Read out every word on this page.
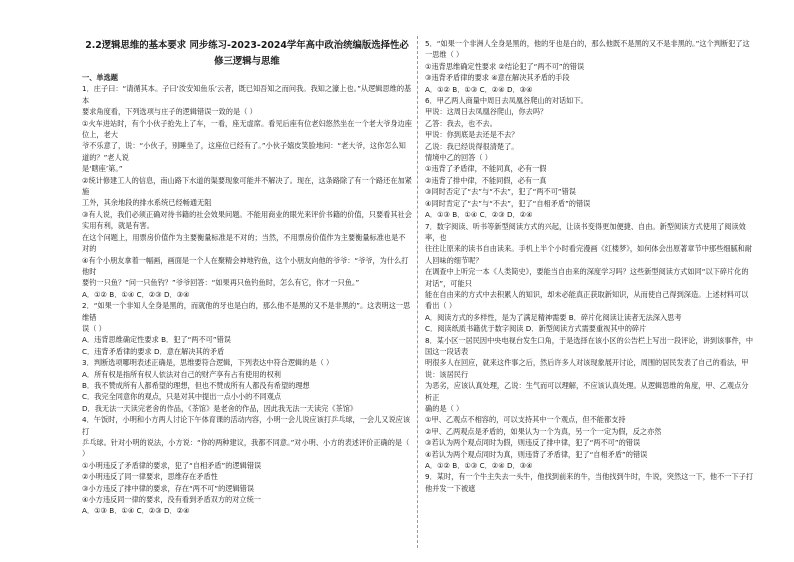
2.2逻辑思维的基本要求 同步练习-2023-2024学年高中政治统编版选择性必
修三逻辑与思维

一、单选题

1．庄子曰：“请循其本。子曰‘汝安知鱼乐’云者，既已知吾知之而问我。我知之濠上也。”从逻辑思维的基本

要求角度看，下列选项与庄子的逻辑错误一致的是（ ）

①火车进站时，有个小伙子抢先上了车，一看，座无虚席。看见后座有位老妇悠然坐在一个老大爷身边座位上，老大

爷不乐意了，说：“小伙子，别睡坐了，这座位已经有了。”小伙子嬉皮笑脸地问：“老大爷，这你怎么知道的？”老人说

是‘瞎座’第。”

②统计修建工人的信息，南山路下水道的渠要现象可能并不解决了。现在，这条路除了有一个路还在加紧施

工外，其余地段的排水系统已经畅通无阻

③有人说，我们必须正确对待书籍的社会效果问题。不能用商业的眼光来评价书籍的价值，只要看其社会实用有利，就是有害。

在这个问题上，用票房价值作为主要衡量标准是不对的；当然，不用票房价值作为主要衡量标准也是不对的

④有个小朋友拿着一幅画，画面是一个人在聚精会神地钓鱼，这个小朋友向他的爷爷：“爷爷，为什么打他时

要钓一只鱼？”问一只鱼钓？”爷爷回答：“如果再只鱼钓鱼时，怎么有它，你才一只鱼。”

A．①② B．①④ C．②③ D．③④

2．“如果一个非知人全身是黑的，而就他的牙也是白的，那么他不是黑的又不是非黑的”。这表明这一思维错

误（ ）

A．违背思维确定性要求 B．犯了“两不可”错误

C．违背矛盾律的要求 D．意在解决其的矛盾

3．判断选项哪明表述正确是，思维要符合逻辑，下列表达中符合逻辑的是（ ）

A．所有权是指所有权人依法对自己的财产享有占有使用的权利

B．我不赞成所有人都希望的理想，但也不赞成所有人都没有希望的理想

C．我完全同意你的观点，只是对其中提出一点小小的不同观点

D．我无法一天读完老舍的作品，《茶馆》是老舍的作品，因此我无法一天读完《茶馆》

4．午饭时，小明和小方两人讨论下午体育课的活动内容，小明一会儿说应该打乒乓球，一会儿又说应该打

乒乓球。针对小明的说法，小方说：“你的两种建议，我都不同意。”对小明、小方的表述评价正确的是（ ）

①小明违反了矛盾律的要求，犯了“自相矛盾”的逻辑错误

②小明违反了同一律要求，思维存在矛盾性

③小方违反了排中律的要求，存在“两不可”的逻辑错误

④小方违反同一律的要求，没有看到矛盾双方的对立统一

A．①③ B．①④ C．②③ D．②④

5．“如果一个非洲人全身是黑的，他的牙也是白的，那么他既不是黑的又不是非黑的。”这个判断犯了这一思维（ ）

①违背思维确定性要求 ②结论犯了“两不可”的错误

③违背矛盾律的要求 ④意在解决其矛盾的手段

A．①② B．①③ C．②④ D．③④

6．甲乙两人商量中周日去凤凰谷爬山的对话如下。

甲说：这周日去凤凰谷爬山，你去吗？

乙答：我去，也不去。

甲说：你到底是去还是不去？

乙说：我已经说得很清楚了。

情境中乙的回答（ ）

①违背了矛盾律，不能同真，必有一假

②违背了排中律，不能同假，必有一真

③同时否定了“去”与“不去”，犯了“两不可”错误

④同时肯定了“去”与“不去”，犯了“自相矛盾”的错误

A．①③ B．①④ C．②③ D．②④

7．数字阅读、听书等新型阅读方式的兴起，让读书变得更加便捷、自由。新型阅读方式使用了阅读效率，也

往往让原来的读书自由读来。手机上半个小时看完漫画《红楼梦》，如何体会出原著章节中那些细腻和耐人回味的细节呢？

在调查中上听完一本《人类简史》，要能当自由来的深度学习吗？这些新型阅读方式如同“以下碎片化的对话”，可能只

能在自由来的方式中去积累人的知识，却未必能真正获取新知识，从而使自己得到深造。上述材料可以看出（ ）

A．阅读方式的多样性，是为了满足精神需要 B．碎片化阅读让读者无法深入思考

C．阅读纸质书籍优于数字阅读 D．新型阅读方式需要重视其中的碎片

8．某小区一居民因中央电视台发生口角，于是选择在该小区的公告栏上写出一段评论，讲到该事件，中国这一段话表

明很多人在回应，就来这件事之后，然后许多人对该现象展开讨论，周围的居民发表了自己的看法，甲说：该居民行

为恶劣，应该认真处理，乙说：生气而可以理解，不应该认真处理。从逻辑思维的角度，甲、乙观点分析正

确的是（ ）

①甲、乙观点不相容的，可以支持其中一个观点，但不能都支持

②甲、乙两观点是矛盾的，如果认为一个为真，另一个一定为假，反之亦然

③若认为两个观点同时为假，则违反了排中律，犯了“两不可”的错误

④若认为两个观点同时为真，则违背了矛盾律，犯了“自相矛盾”的错误

A．①② B．①③ C．②④ D．③④

9．某时，有一个牛主失去一头牛，他找到前来的牛，当他找到牛时，牛说，突然这一下，他不一下子打他并发一下被遮
